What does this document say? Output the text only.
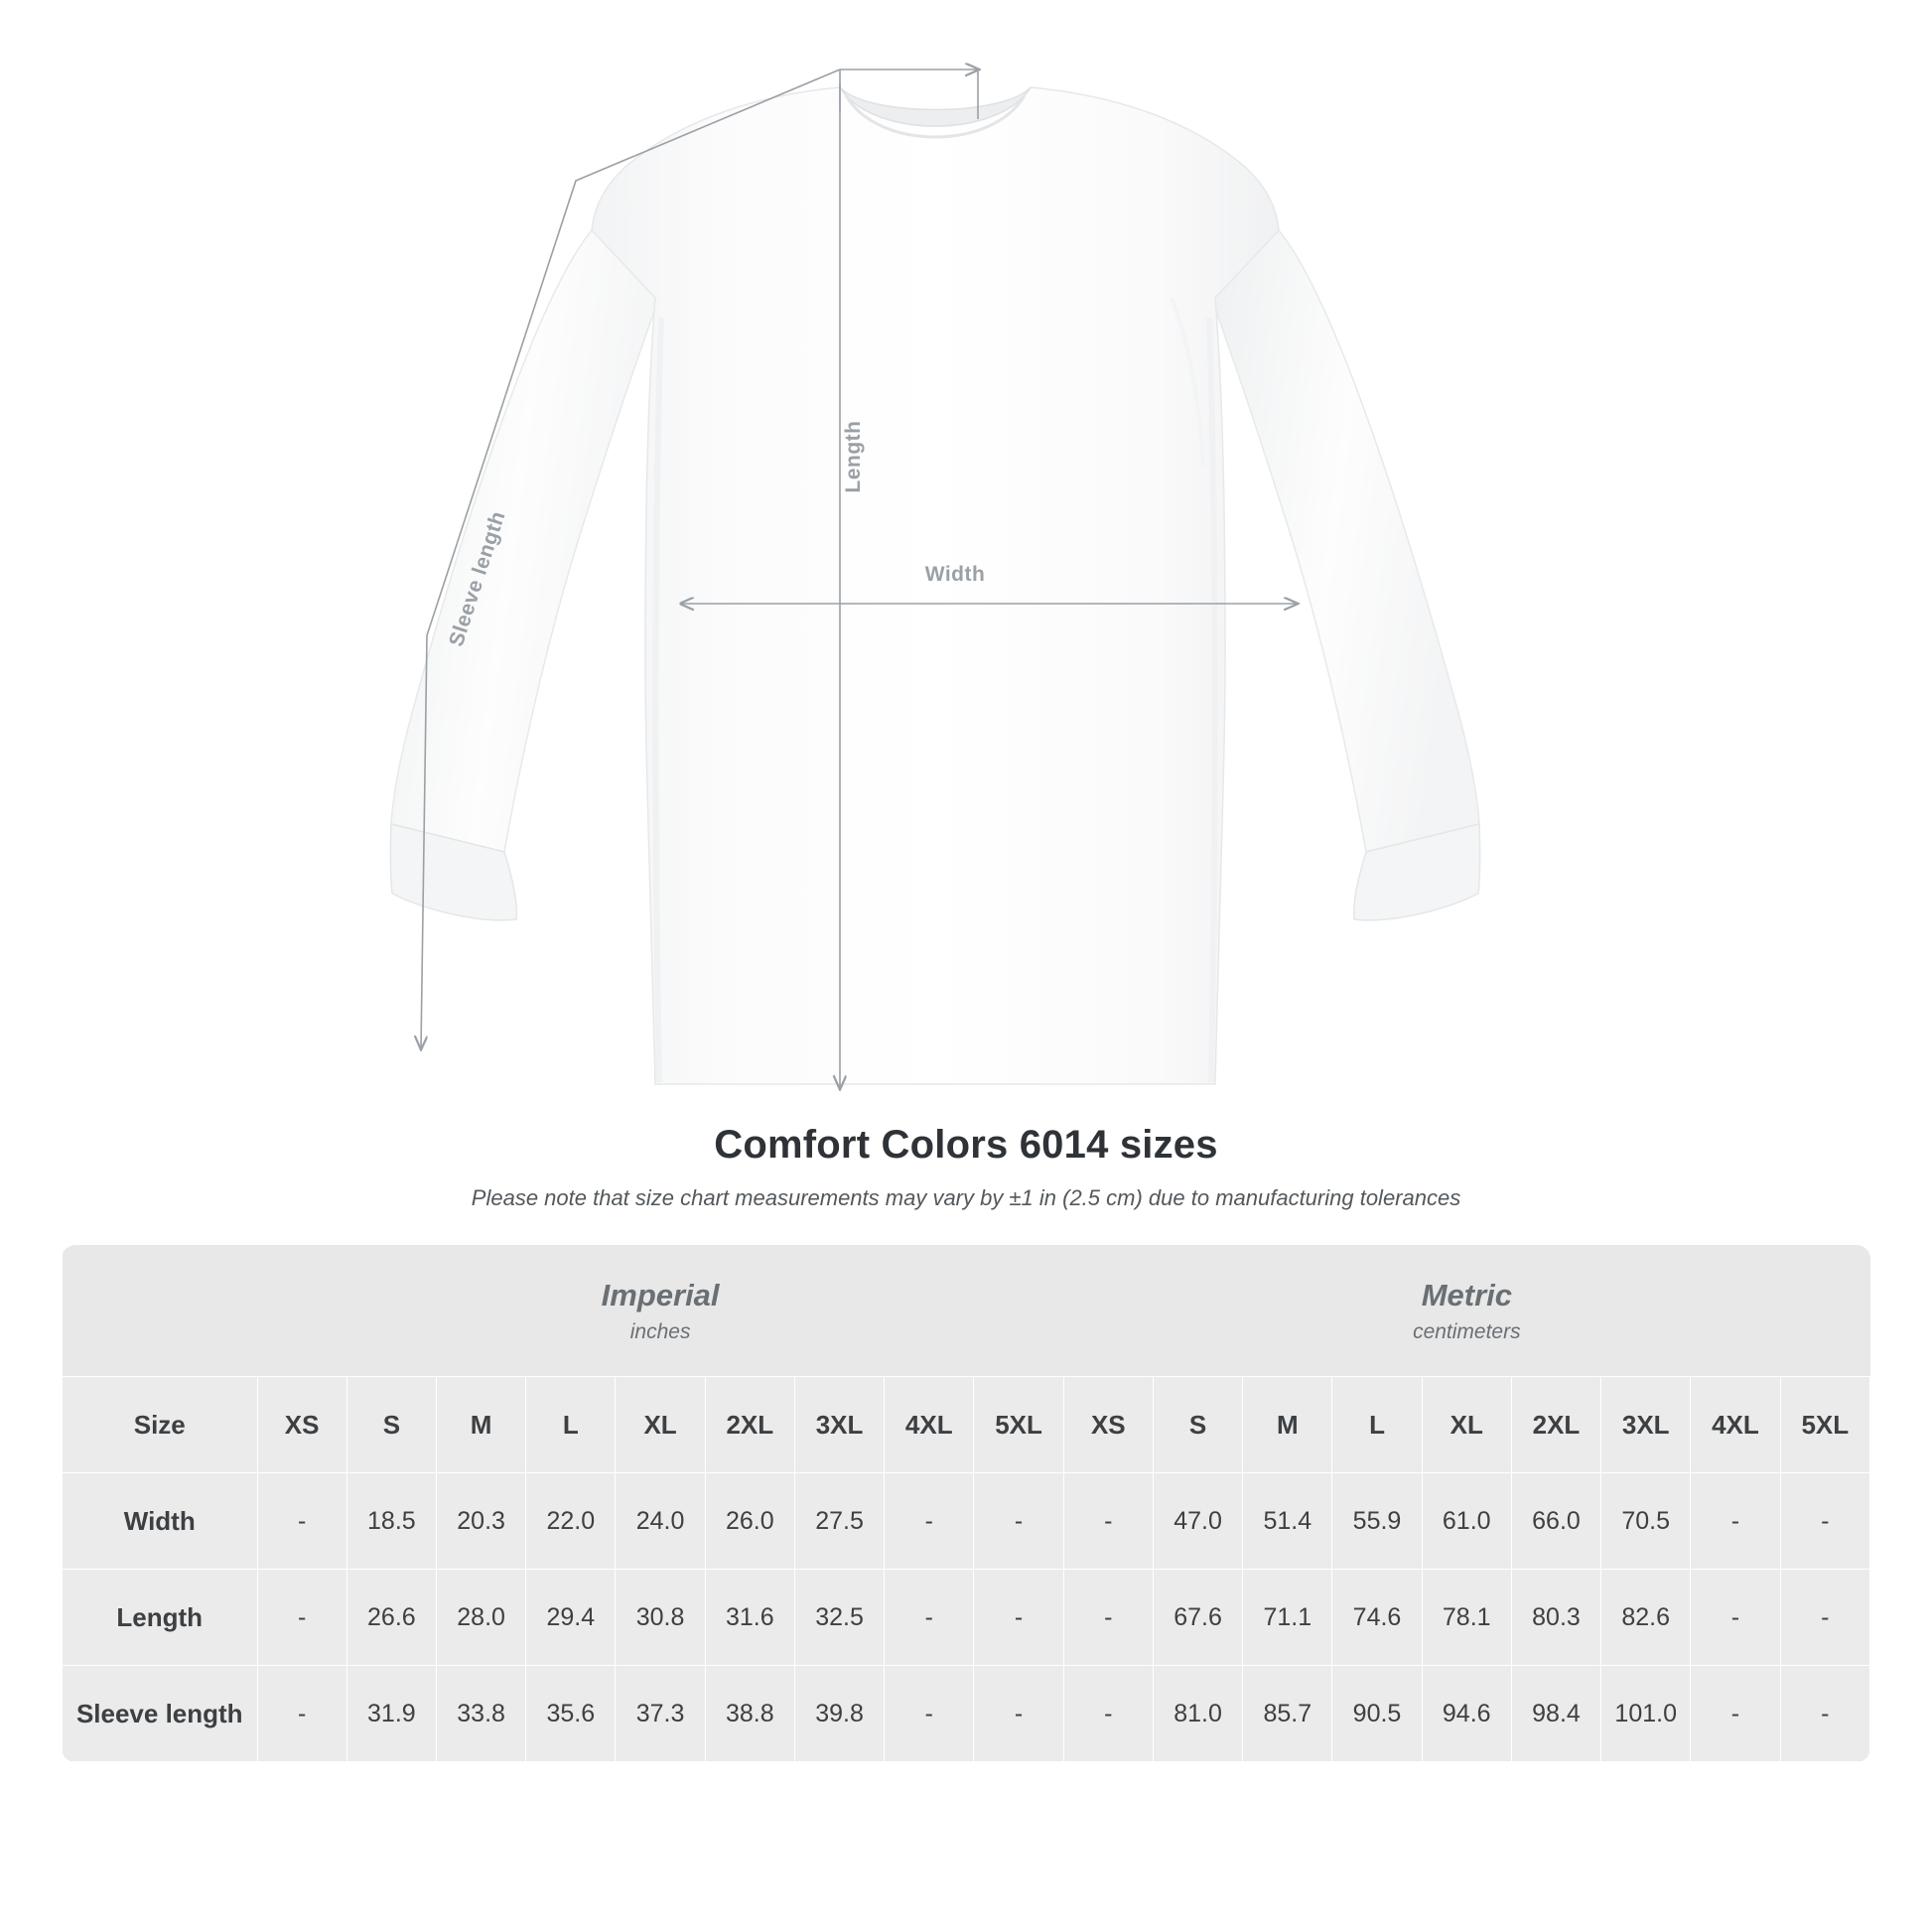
Sleeve length
Length
Width
Comfort Colors 6014 sizes

Please note that size chart measurements may vary by ±1 in (2.5 cm) due to manufacturing tolerances

	Imperial
inches									Metric
centimeters								

Size	XS	S	M	L	XL	2XL	3XL	4XL	5XL	XS	S	M	L	XL	2XL	3XL	4XL	5XL
Width	-	18.5	20.3	22.0	24.0	26.0	27.5	-	-	-	47.0	51.4	55.9	61.0	66.0	70.5	-	-
Length	-	26.6	28.0	29.4	30.8	31.6	32.5	-	-	-	67.6	71.1	74.6	78.1	80.3	82.6	-	-
Sleeve length	-	31.9	33.8	35.6	37.3	38.8	39.8	-	-	-	81.0	85.7	90.5	94.6	98.4	101.0	-	-
